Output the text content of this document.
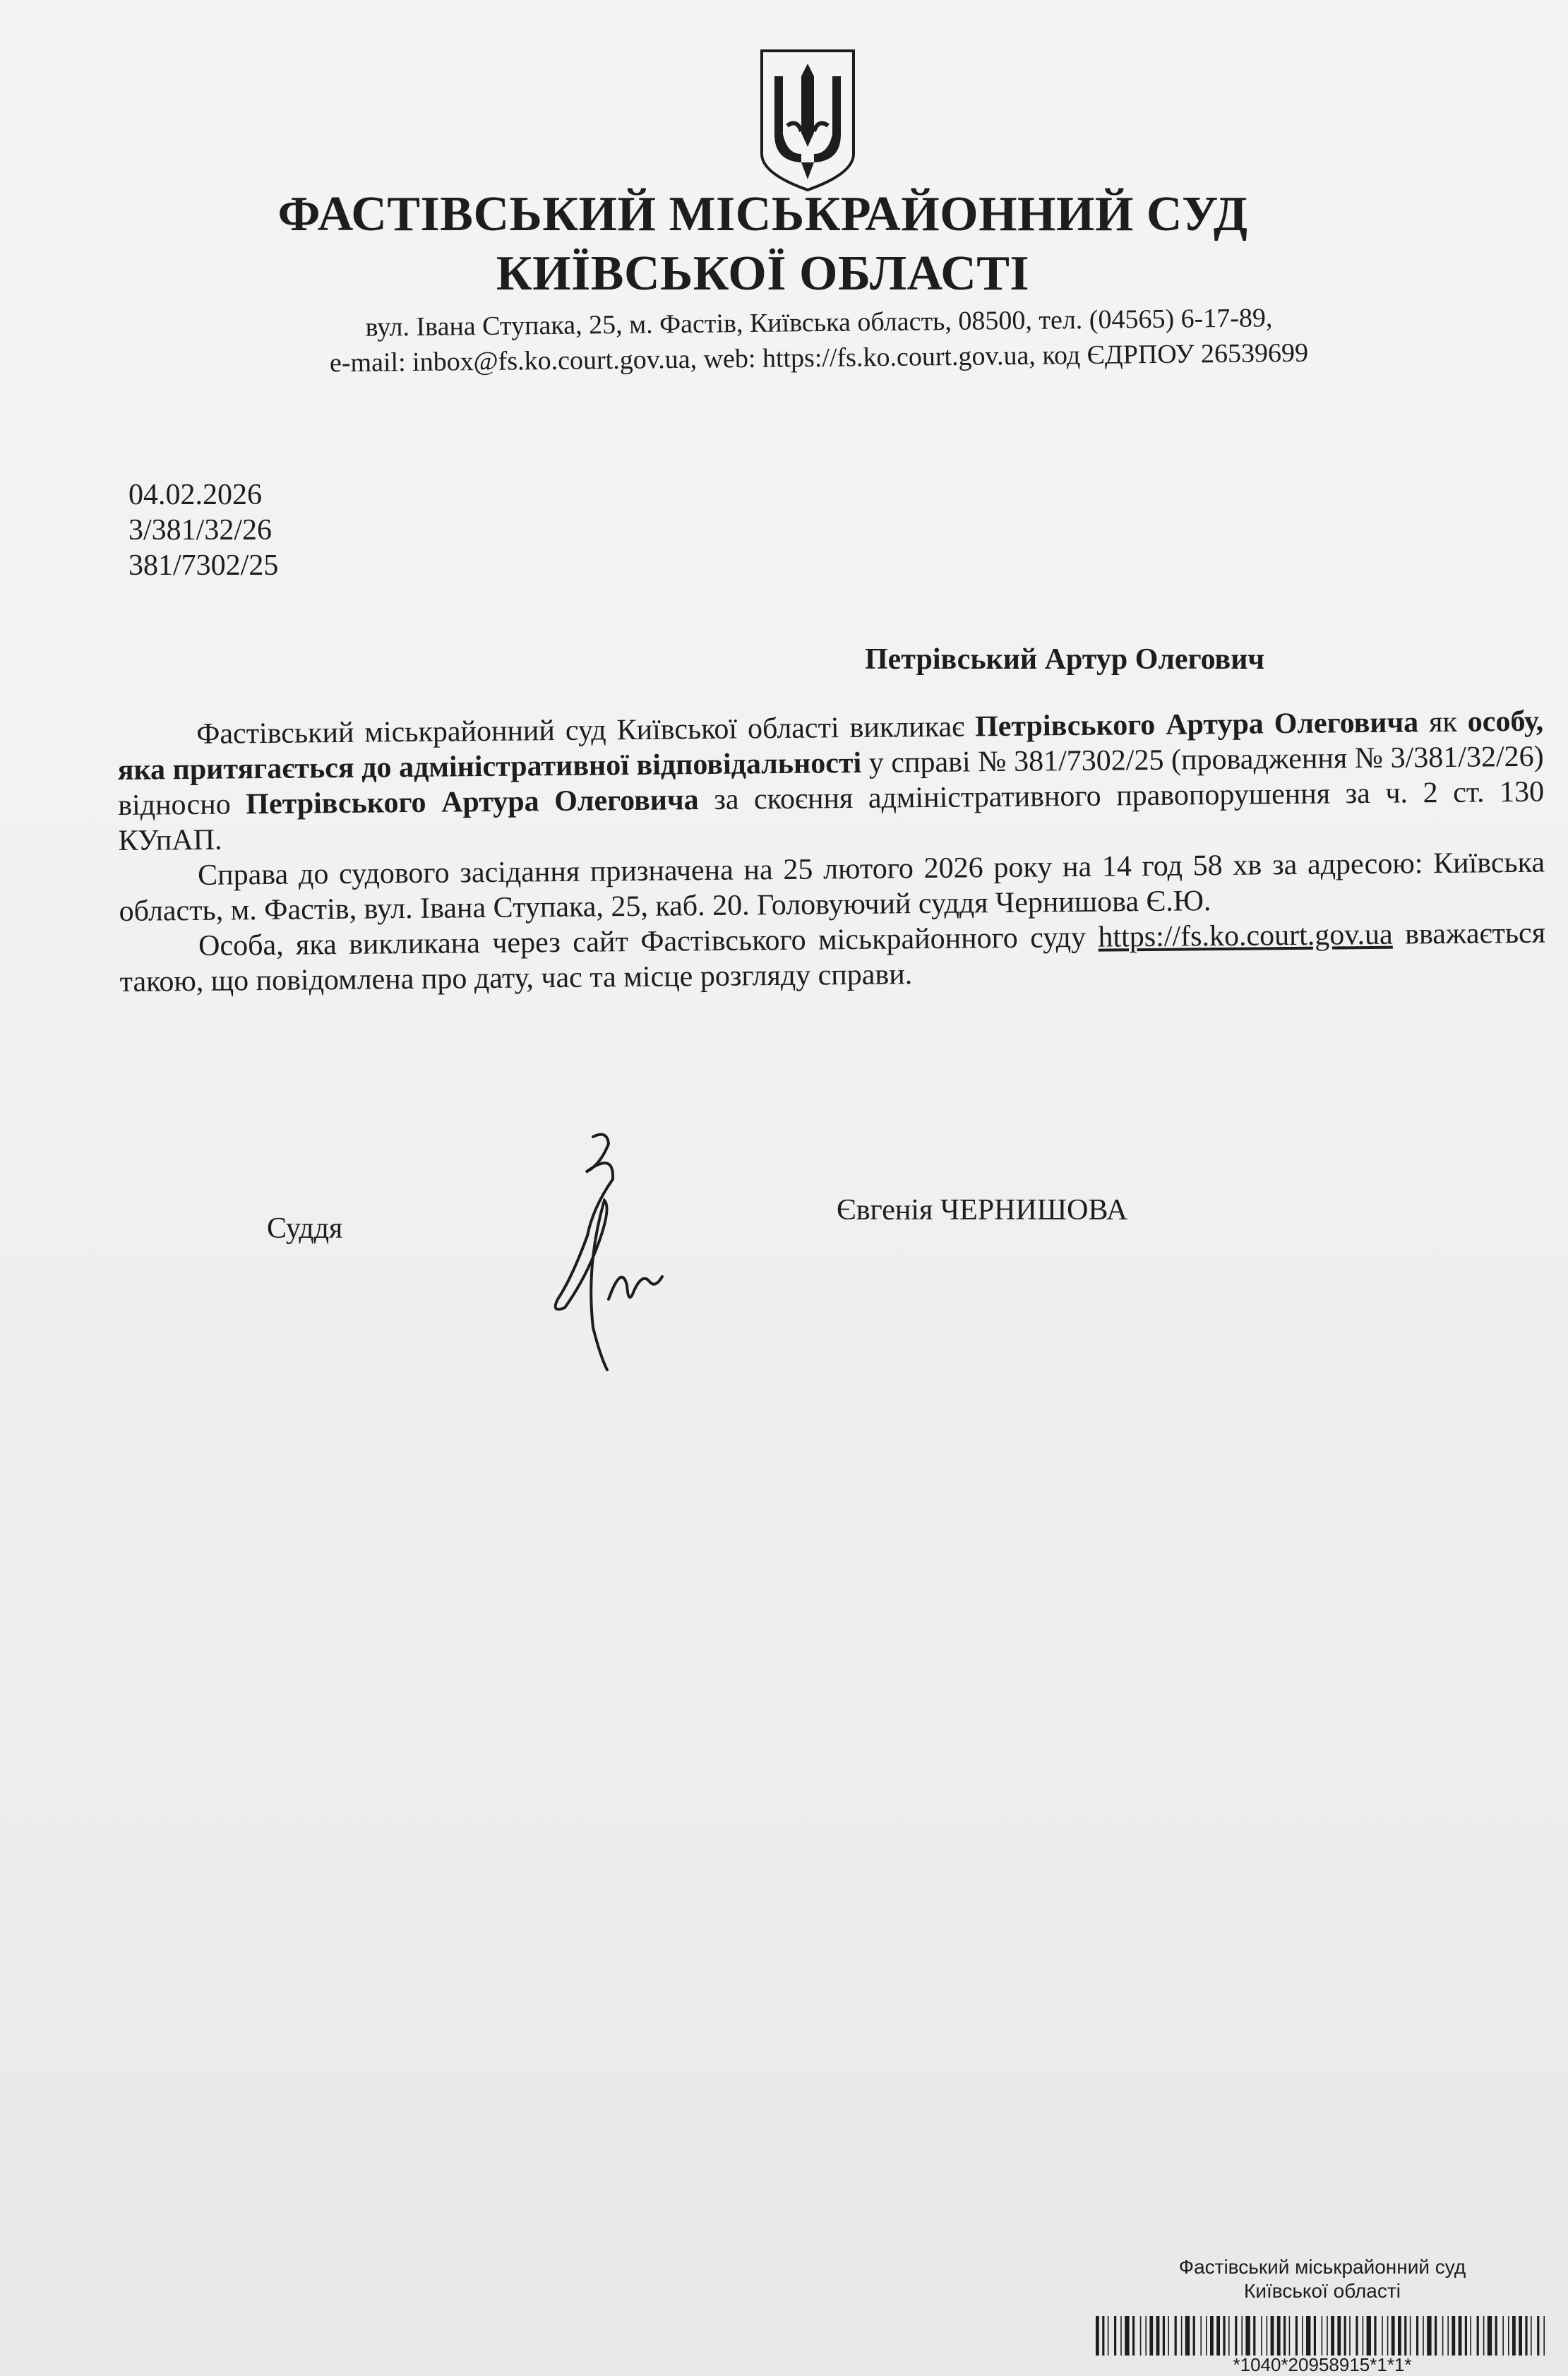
ФАСТІВСЬКИЙ МІСЬКРАЙОННИЙ СУД
КИЇВСЬКОЇ ОБЛАСТІ
вул. Івана Ступака, 25, м. Фастів, Київська область, 08500, тел. (04565) 6-17-89,
e-mail: inbox@fs.ko.court.gov.ua, web: https://fs.ko.court.gov.ua, код ЄДРПОУ 26539699
04.02.2026
3/381/32/26
381/7302/25
Петрівський Артур Олегович

Фастівський міськрайонний суд Київської області викликає Петрівського Артура Олеговича як особу, яка притягається до адміністративної відповідальності у справі № 381/7302/25 (провадження № 3/381/32/26) відносно Петрівського Артура Олеговича за скоєння адміністративного правопорушення за ч. 2 ст. 130 КУпАП.

Справа до судового засідання призначена на 25 лютого 2026 року на 14 год 58 хв за адресою: Київська область, м. Фастів, вул. Івана Ступака, 25, каб. 20. Головуючий суддя Чернишова Є.Ю.

Особа, яка викликана через сайт Фастівського міськрайонного суду https://fs.ko.court.gov.ua вважається такою, що повідомлена про дату, час та місце розгляду справи.

Суддя
Євгенія ЧЕРНИШОВА
Фастівський міськрайонний суд
Київської області
*1040*20958915*1*1*
